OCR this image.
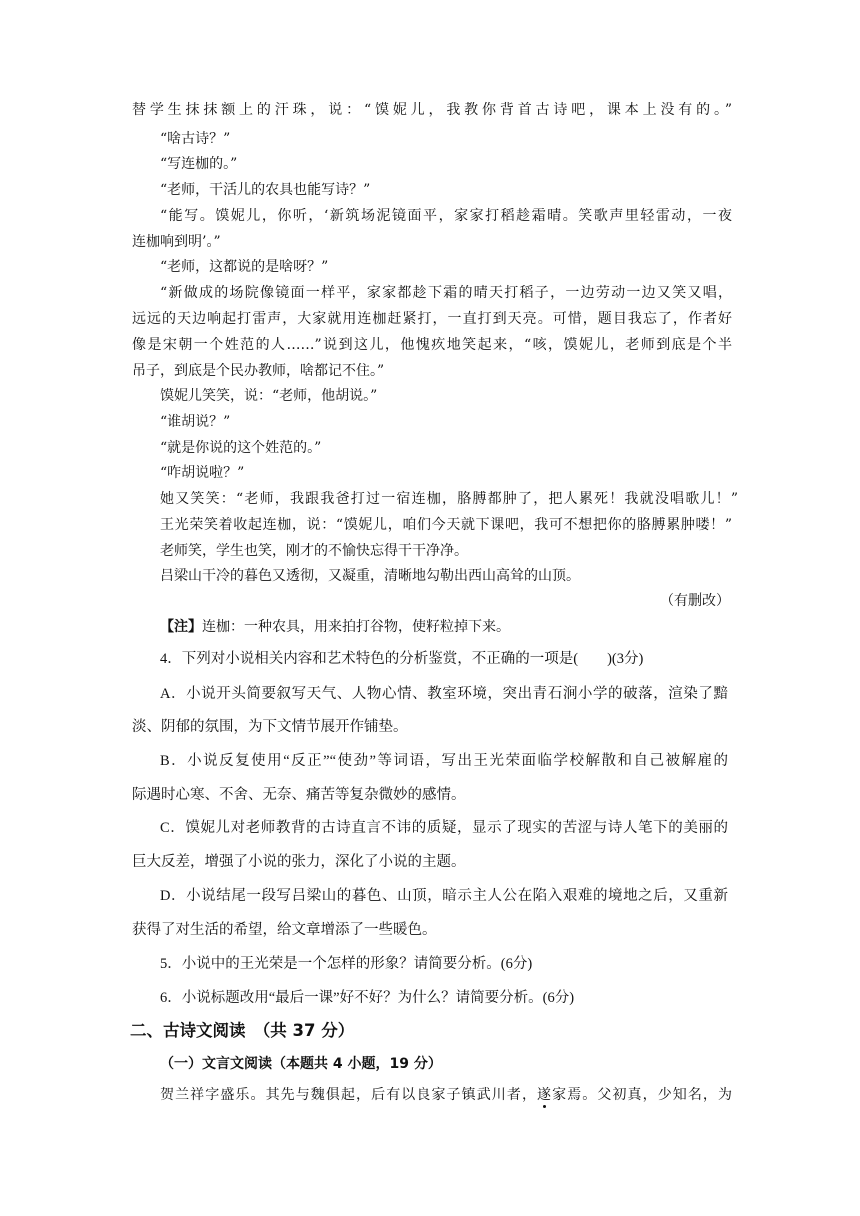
替学生抹抹额上的汗珠，说：“馍妮儿，我教你背首古诗吧，课本上没有的。”
“啥古诗？”
“写连枷的。”
“老师，干活儿的农具也能写诗？”
“能写。馍妮儿，你听，‘新筑场泥镜面平，家家打稻趁霜晴。笑歌声里轻雷动，一夜
连枷响到明’。”
“老师，这都说的是啥呀？”
“新做成的场院像镜面一样平，家家都趁下霜的晴天打稻子，一边劳动一边又笑又唱，
远远的天边响起打雷声，大家就用连枷赶紧打，一直打到天亮。可惜，题目我忘了，作者好
像是宋朝一个姓范的人……”说到这儿，他愧疚地笑起来，“咳，馍妮儿，老师到底是个半
吊子，到底是个民办教师，啥都记不住。”
馍妮儿笑笑，说：“老师，他胡说。”
“谁胡说？”
“就是你说的这个姓范的。”
“咋胡说啦？”
她又笑笑：“老师，我跟我爸打过一宿连枷，胳膊都肿了，把人累死！我就没唱歌儿！”
王光荣笑着收起连枷，说：“馍妮儿，咱们今天就下课吧，我可不想把你的胳膊累肿喽！”
老师笑，学生也笑，刚才的不愉快忘得干干净净。
吕梁山干冷的暮色又透彻，又凝重，清晰地勾勒出西山高耸的山顶。
（有删改）
【注】连枷：一种农具，用来拍打谷物，使籽粒掉下来。
4．下列对小说相关内容和艺术特色的分析鉴赏，不正确的一项是(　　)(3分)
A．小说开头简要叙写天气、人物心情、教室环境，突出青石涧小学的破落，渲染了黯
淡、阴郁的氛围，为下文情节展开作铺垫。
B．小说反复使用“反正”“使劲”等词语，写出王光荣面临学校解散和自己被解雇的
际遇时心寒、不舍、无奈、痛苦等复杂微妙的感情。
C．馍妮儿对老师教背的古诗直言不讳的质疑，显示了现实的苦涩与诗人笔下的美丽的
巨大反差，增强了小说的张力，深化了小说的主题。
D．小说结尾一段写吕梁山的暮色、山顶，暗示主人公在陷入艰难的境地之后，又重新
获得了对生活的希望，给文章增添了一些暖色。
5．小说中的王光荣是一个怎样的形象？请简要分析。(6分)
6．小说标题改用“最后一课”好不好？为什么？请简要分析。(6分)
二、古诗文阅读　（共 37 分）
（一）文言文阅读（本题共 4 小题，19 分）
贺兰祥字盛乐。其先与魏俱起，后有以良家子镇武川者，遂家焉。父初真，少知名，为
